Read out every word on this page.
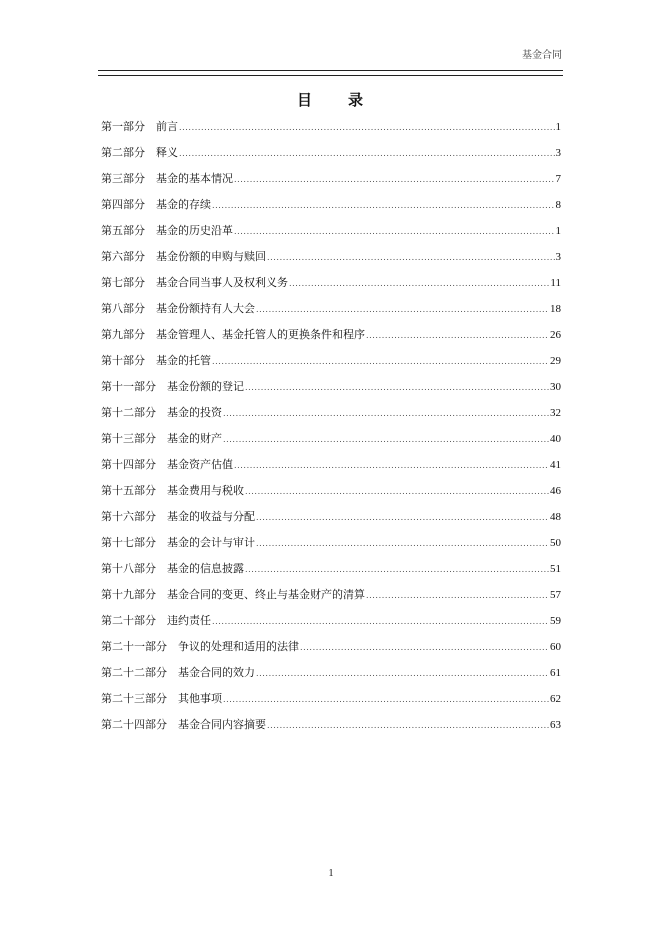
基金合同
目　　录
第一部分 前言 .....	1
第二部分 释义 .....	3
第三部分 基金的基本情况 .....	7
第四部分 基金的存续 .....	8
第五部分 基金的历史沿革 .....	1
第六部分 基金份额的申购与赎回 .....	3
第七部分 基金合同当事人及权利义务 .....	11
第八部分 基金份额持有人大会 .....	18
第九部分 基金管理人、基金托管人的更换条件和程序 .....	26
第十部分 基金的托管 .....	29
第十一部分 基金份额的登记 .....	30
第十二部分 基金的投资 .....	32
第十三部分 基金的财产 .....	40
第十四部分 基金资产估值 .....	41
第十五部分 基金费用与税收 .....	46
第十六部分 基金的收益与分配 .....	48
第十七部分 基金的会计与审计 .....	50
第十八部分 基金的信息披露 .....	51
第十九部分 基金合同的变更、终止与基金财产的清算 .....	57
第二十部分 违约责任 .....	59
第二十一部分 争议的处理和适用的法律 .....	60
第二十二部分 基金合同的效力 .....	61
第二十三部分 其他事项 .....	62
第二十四部分 基金合同内容摘要 .....	63
1
